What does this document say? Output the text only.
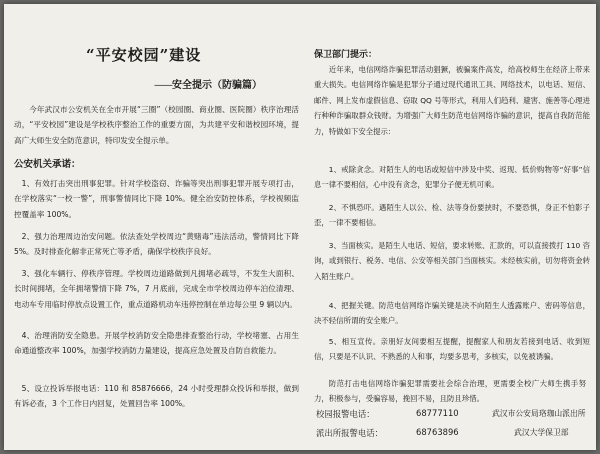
“平安校园”建设
——安全提示（防骗篇）
今年武汉市公安机关在全市开展“三圈”（校园圈、商业圈、医院圈）秩序治理活动，“平安校园”建设是学校秩序整治工作的重要方面，为共建平安和谐校园环境，提高广大师生安全防范意识，特印发安全提示单。
公安机关承诺：
1、有效打击突出刑事犯罪。针对学校盗窃、诈骗等突出刑事犯罪开展专项打击，在学校落实“一校一警”，刑事警情同比下降 10%。健全治安防控体系，学校视频监控覆盖率 100%。
2、强力治理周边治安问题。依法查处学校周边“黄赌毒”违法活动，警情同比下降 5%。及时排查化解非正常死亡等矛盾，确保学校秩序良好。
3、强化车辆行、停秩序管理。学校周边道路做到凡拥堵必疏导，不发生大面积、长时间拥堵，全年拥堵警情下降 7%，7 月底前，完成全市学校周边停车泊位清理、电动车专用临时停放点设置工作，重点道路机动车违停控制在单边每公里 9 辆以内。
4、治理消防安全隐患。开展学校消防安全隐患排查整治行动，学校堵塞、占用生命通道整改率 100%，加强学校消防力量建设，提高应急处置及自防自救能力。
5、设立投诉举报电话：110 和 85876666，24 小时受理群众投诉和举报，做到有诉必查，3 个工作日内回复，处置回告率 100%。
保卫部门提示：
近年来，电信网络诈骗犯罪活动猖獗，被骗案件高发，给高校师生在经济上带来重大损失。电信网络诈骗是犯罪分子通过现代通讯工具、网络技术，以电话、短信、邮件、网上发布虚假信息、窃取 QQ 号等形式，利用人们趋利、避害、施善等心理进行种种诈骗取群众钱财。为增强广大师生防范电信网络诈骗的意识，提高自我防范能力，特做如下安全提示：
1、戒除贪念。对陌生人的电话或短信中涉及中奖、返现、低价购物等“好事”信息一律不要相信，心中没有贪念，犯罪分子便无机可乘。
2、不惧恐吓。遇陌生人以公、检、法等身份要挟时，不要恐惧，身正不怕影子歪，一律不要相信。
3、当面核实。是陌生人电话、短信，要求转账、汇款的，可以直接拨打 110 咨询，或到银行、税务、电信、公安等相关部门当面核实。未经核实前，切勿将资金转入陌生账户。
4、把握关键。防范电信网络诈骗关键是决不向陌生人透露账户、密码等信息，决不轻信所谓的安全账户。
5、相互宣传。亲朋好友间要相互提醒，提醒家人和朋友若接到电话、收到短信，只要是不认识、不熟悉的人和事，均要多思考，多核实，以免被诱骗。
防范打击电信网络诈骗犯罪需要社会综合治理，更需要全校广大师生携手努力，积极参与，受骗容易，挽回不易，且防且珍惜。
校园报警电话：	68777110
派出所报警电话：	68763896
武汉市公安局珞珈山派出所
武汉大学保卫部
